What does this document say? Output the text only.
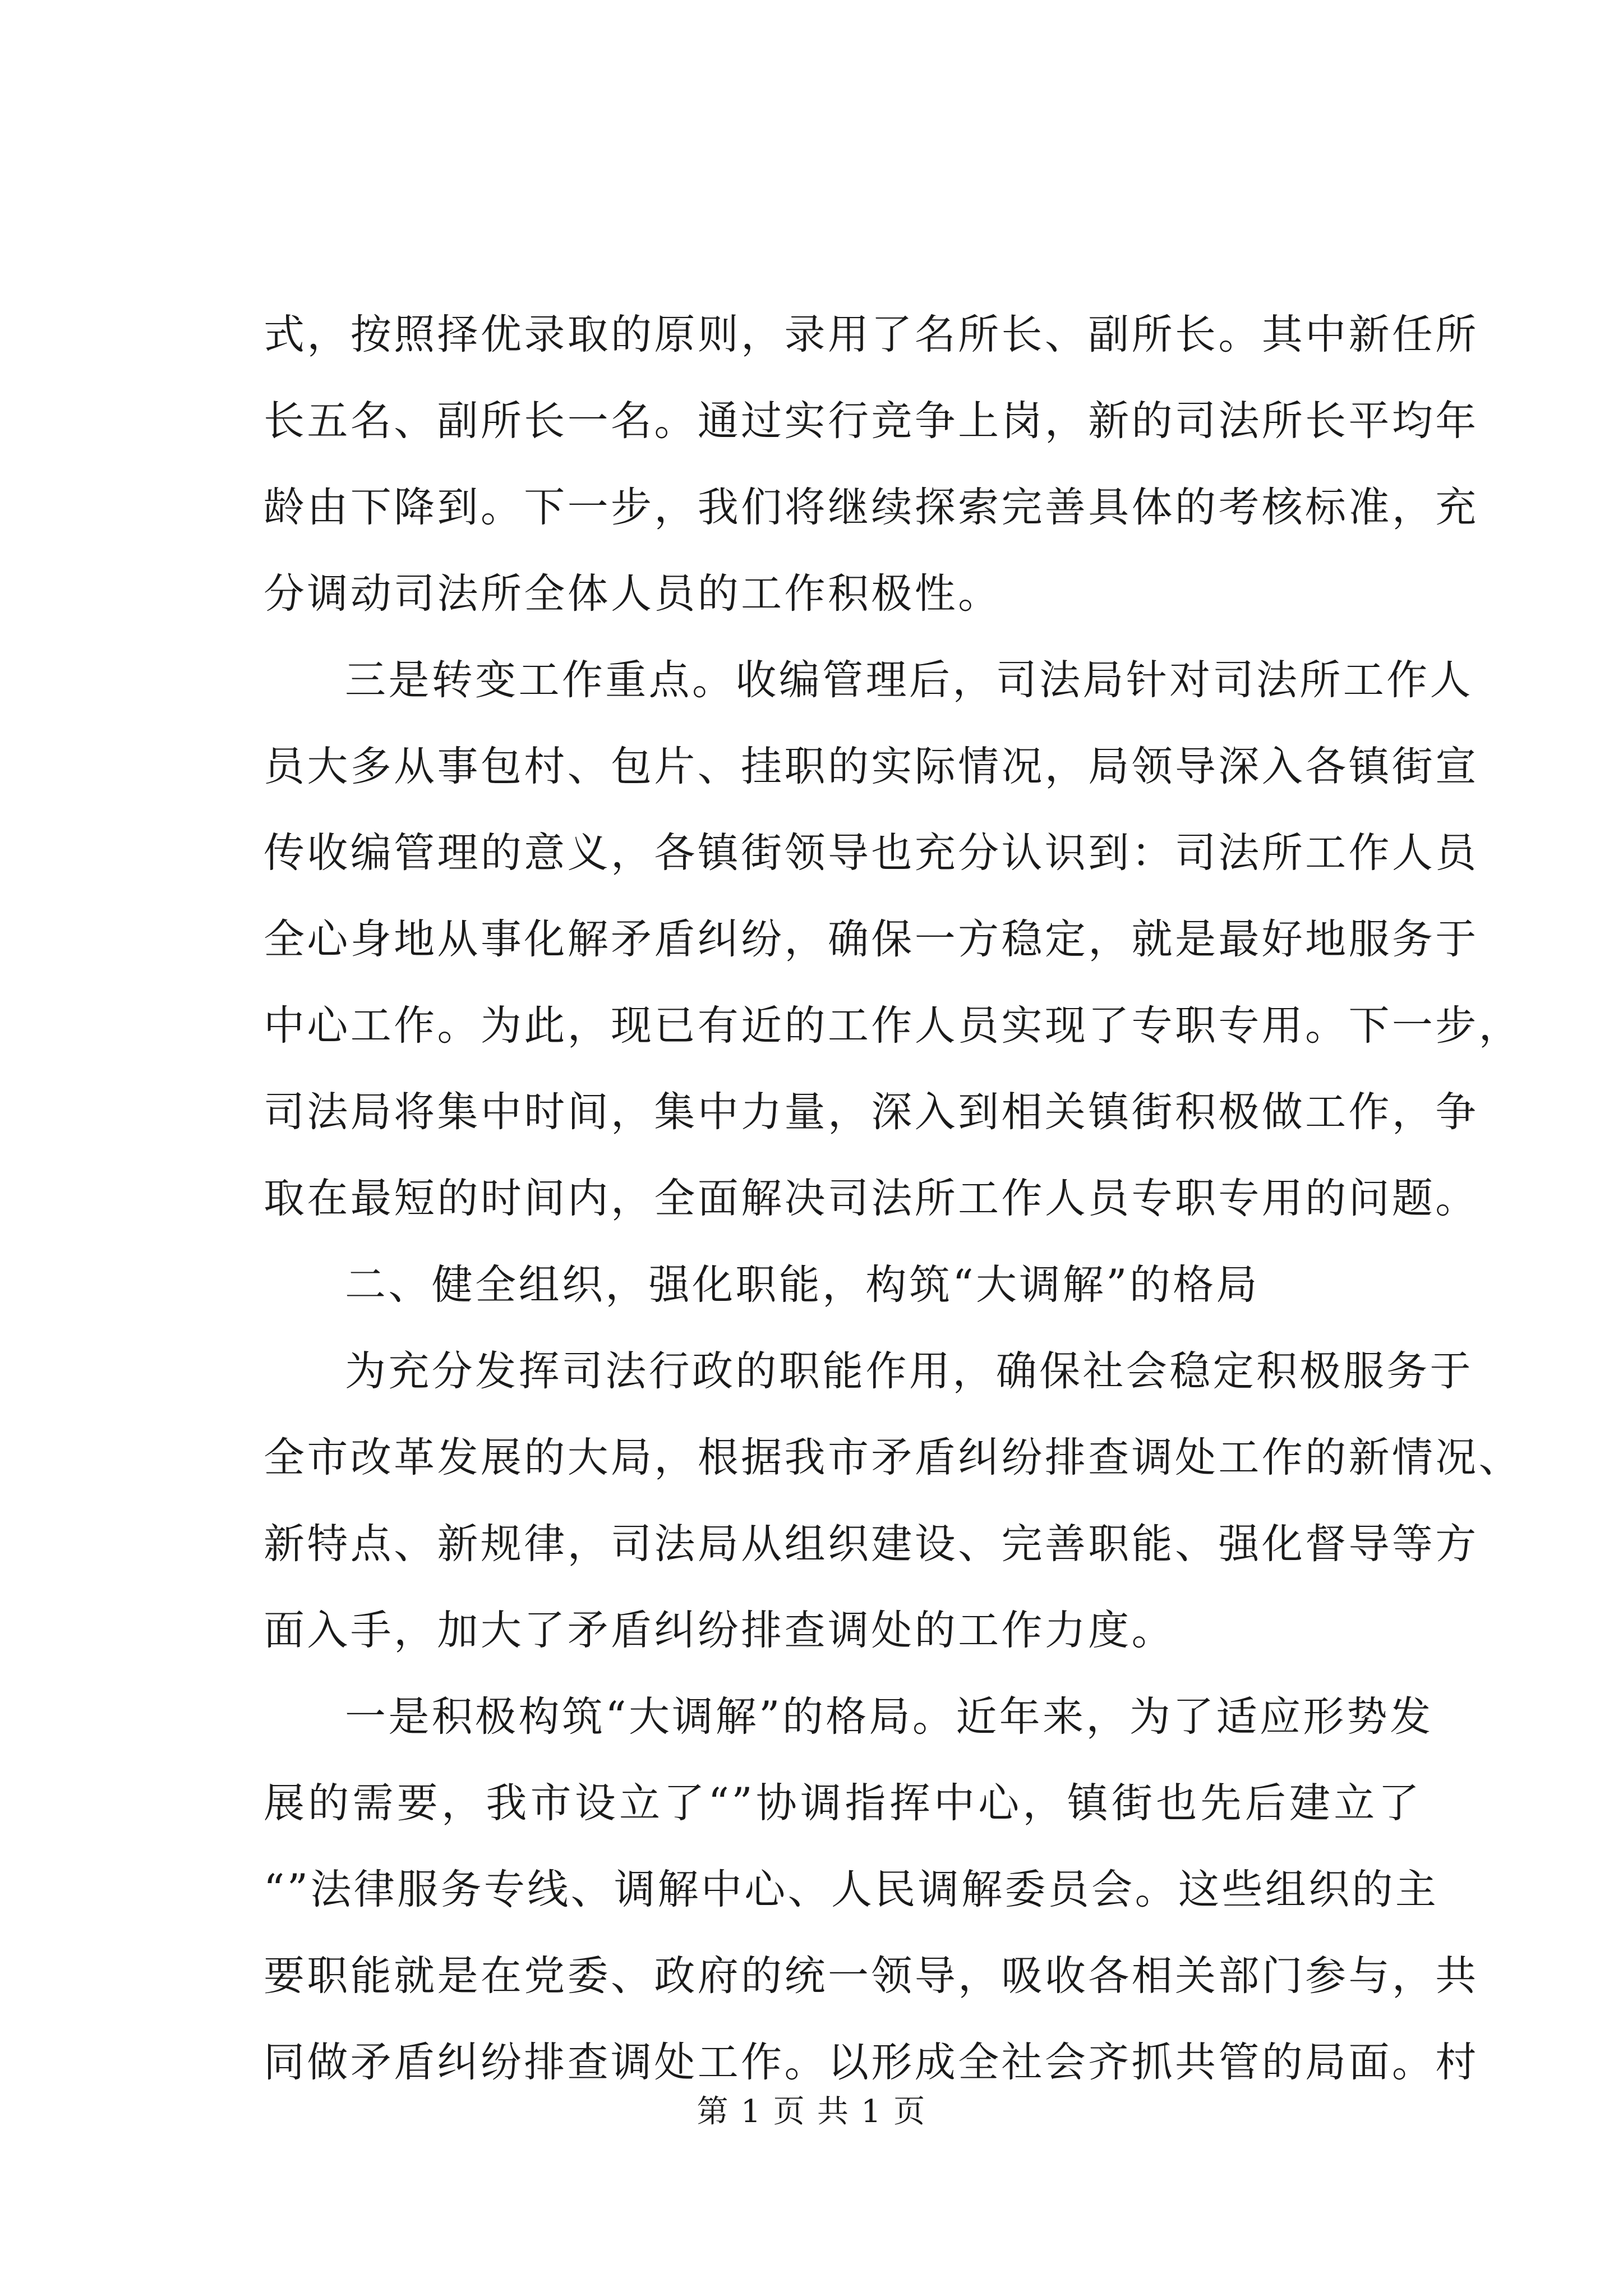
式，按照择优录取的原则，录用了名所长、副所长。其中新任所
长五名、副所长一名。通过实行竞争上岗，新的司法所长平均年
龄由下降到。下一步，我们将继续探索完善具体的考核标准，充
分调动司法所全体人员的工作积极性。
三是转变工作重点。收编管理后，司法局针对司法所工作人
员大多从事包村、包片、挂职的实际情况，局领导深入各镇街宣
传收编管理的意义，各镇街领导也充分认识到：司法所工作人员
全心身地从事化解矛盾纠纷，确保一方稳定，就是最好地服务于
中心工作。为此，现已有近的工作人员实现了专职专用。下一步，
司法局将集中时间，集中力量，深入到相关镇街积极做工作，争
取在最短的时间内，全面解决司法所工作人员专职专用的问题。
二、健全组织，强化职能，构筑“大调解”的格局
为充分发挥司法行政的职能作用，确保社会稳定积极服务于
全市改革发展的大局，根据我市矛盾纠纷排查调处工作的新情况、
新特点、新规律，司法局从组织建设、完善职能、强化督导等方
面入手，加大了矛盾纠纷排查调处的工作力度。
一是积极构筑“大调解”的格局。近年来，为了适应形势发
展的需要，我市设立了“”协调指挥中心，镇街也先后建立了
“”法律服务专线、调解中心、人民调解委员会。这些组织的主
要职能就是在党委、政府的统一领导，吸收各相关部门参与，共
同做矛盾纠纷排查调处工作。以形成全社会齐抓共管的局面。村
第 1 页 共 1 页
